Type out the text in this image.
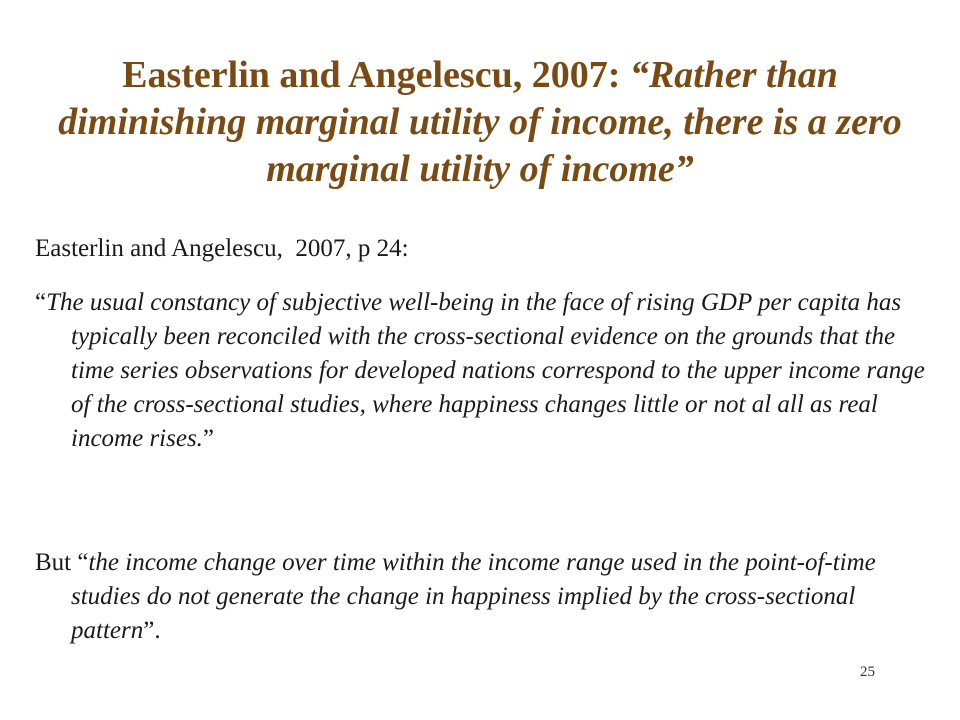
Easterlin and Angelescu, 2007: “Rather than diminishing marginal utility of income, there is a zero marginal utility of income”
Easterlin and Angelescu,  2007, p 24:
“The usual constancy of subjective well-being in the face of rising GDP per capita has typically been reconciled with the cross-sectional evidence on the grounds that the time series observations for developed nations correspond to the upper income range of the cross-sectional studies, where happiness changes little or not al all as real income rises.”
But “the income change over time within the income range used in the point-of-time studies do not generate the change in happiness implied by the cross-sectional pattern”.
25
